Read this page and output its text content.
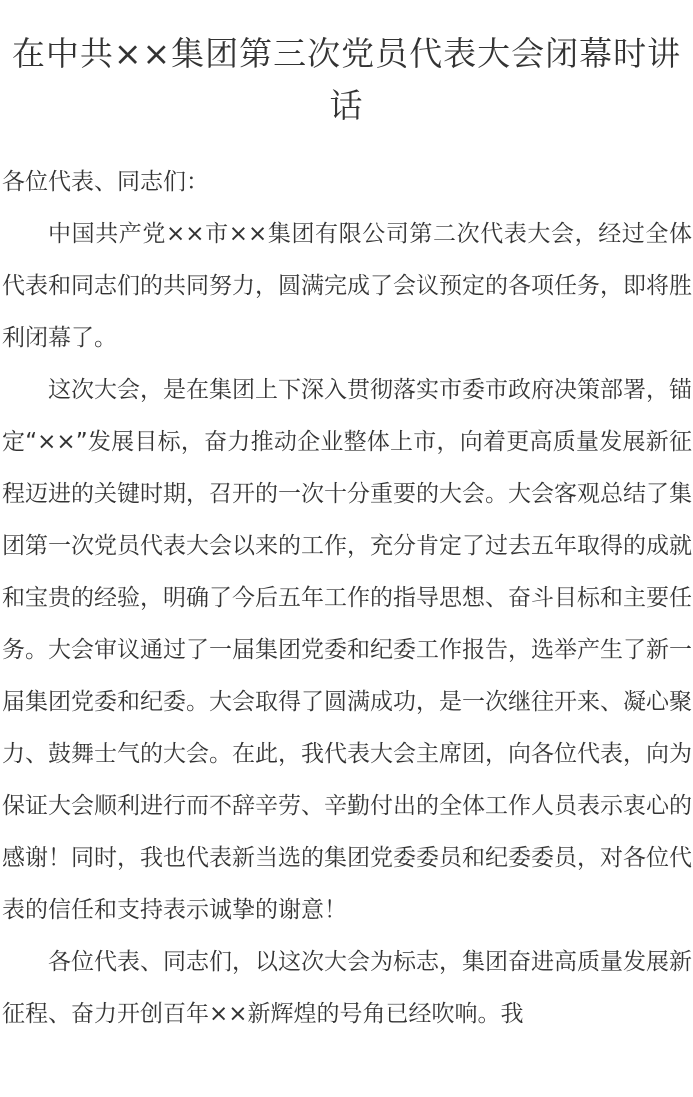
在中共××集团第三次党员代表大会闭幕时讲话

各位代表、同志们：

中国共产党××市××集团有限公司第二次代表大会，经过全体代表和同志们的共同努力，圆满完成了会议预定的各项任务，即将胜利闭幕了。

这次大会，是在集团上下深入贯彻落实市委市政府决策部署，锚定“××”发展目标，奋力推动企业整体上市，向着更高质量发展新征程迈进的关键时期，召开的一次十分重要的大会。大会客观总结了集团第一次党员代表大会以来的工作，充分肯定了过去五年取得的成就和宝贵的经验，明确了今后五年工作的指导思想、奋斗目标和主要任务。大会审议通过了一届集团党委和纪委工作报告，选举产生了新一届集团党委和纪委。大会取得了圆满成功，是一次继往开来、凝心聚力、鼓舞士气的大会。在此，我代表大会主席团，向各位代表，向为保证大会顺利进行而不辞辛劳、辛勤付出的全体工作人员表示衷心的感谢！同时，我也代表新当选的集团党委委员和纪委委员，对各位代表的信任和支持表示诚挚的谢意！

各位代表、同志们，以这次大会为标志，集团奋进高质量发展新征程、奋力开创百年××新辉煌的号角已经吹响。我
